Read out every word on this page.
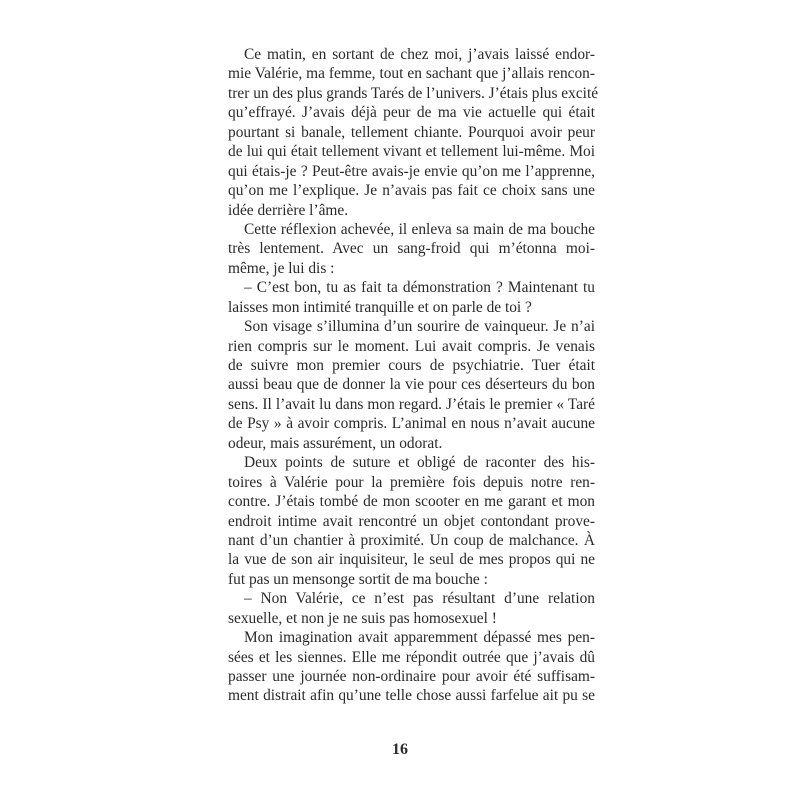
Ce matin, en sortant de chez moi, j’avais laissé endor-
mie Valérie, ma femme, tout en sachant que j’allais rencon-
trer un des plus grands Tarés de l’univers. J’étais plus excité
qu’effrayé. J’avais déjà peur de ma vie actuelle qui était
pourtant si banale, tellement chiante. Pourquoi avoir peur
de lui qui était tellement vivant et tellement lui-même. Moi
qui étais-je ? Peut-être avais-je envie qu’on me l’apprenne,
qu’on me l’explique. Je n’avais pas fait ce choix sans une
idée derrière l’âme.
Cette réflexion achevée, il enleva sa main de ma bouche
très lentement. Avec un sang-froid qui m’étonna moi-
même, je lui dis :
– C’est bon, tu as fait ta démonstration ? Maintenant tu
laisses mon intimité tranquille et on parle de toi ?
Son visage s’illumina d’un sourire de vainqueur. Je n’ai
rien compris sur le moment. Lui avait compris. Je venais
de suivre mon premier cours de psychiatrie. Tuer était
aussi beau que de donner la vie pour ces déserteurs du bon
sens. Il l’avait lu dans mon regard. J’étais le premier « Taré
de Psy » à avoir compris. L’animal en nous n’avait aucune
odeur, mais assurément, un odorat.
Deux points de suture et obligé de raconter des his-
toires à Valérie pour la première fois depuis notre ren-
contre. J’étais tombé de mon scooter en me garant et mon
endroit intime avait rencontré un objet contondant prove-
nant d’un chantier à proximité. Un coup de malchance. À
la vue de son air inquisiteur, le seul de mes propos qui ne
fut pas un mensonge sortit de ma bouche :
– Non Valérie, ce n’est pas résultant d’une relation
sexuelle, et non je ne suis pas homosexuel !
Mon imagination avait apparemment dépassé mes pen-
sées et les siennes. Elle me répondit outrée que j’avais dû
passer une journée non-ordinaire pour avoir été suffisam-
ment distrait afin qu’une telle chose aussi farfelue ait pu se
16
